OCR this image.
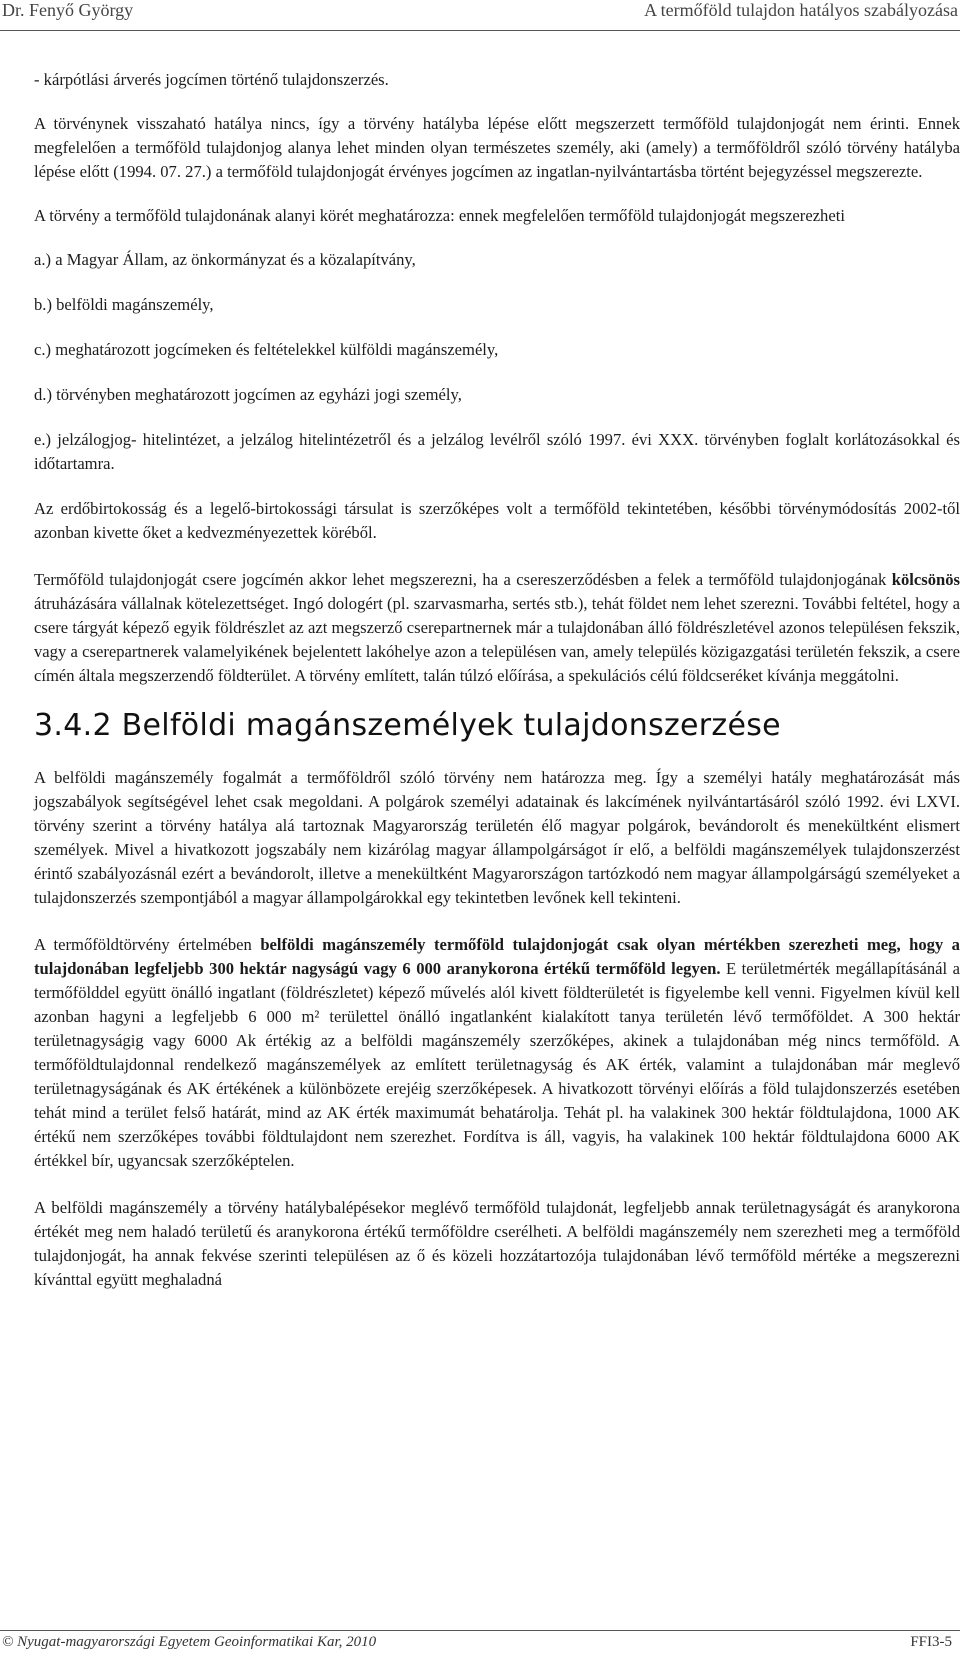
Dr. Fenyő György	A termőföld tulajdon hatályos szabályozása

- kárpótlási árverés jogcímen történő tulajdonszerzés.

A törvénynek visszaható hatálya nincs, így a törvény hatályba lépése előtt megszerzett termőföld tulajdonjogát nem érinti. Ennek megfelelően a termőföld tulajdonjog alanya lehet minden olyan természetes személy, aki (amely) a termőföldről szóló törvény hatályba lépése előtt (1994. 07. 27.) a termőföld tulajdonjogát érvényes jogcímen az ingatlan-nyilvántartásba történt bejegyzéssel megszerezte.

A törvény a termőföld tulajdonának alanyi körét meghatározza: ennek megfelelően termőföld tulajdonjogát megszerezheti

a.) a Magyar Állam, az önkormányzat és a közalapítvány,

b.) belföldi magánszemély,

c.) meghatározott jogcímeken és feltételekkel külföldi magánszemély,

d.) törvényben meghatározott jogcímen az egyházi jogi személy,

e.) jelzálogjog- hitelintézet, a jelzálog hitelintézetről és a jelzálog levélről szóló 1997. évi XXX. törvényben foglalt korlátozásokkal és időtartamra.

Az erdőbirtokosság és a legelő-birtokossági társulat is szerzőképes volt a termőföld tekintetében, későbbi törvénymódosítás 2002-től azonban kivette őket a kedvezményezettek köréből.

Termőföld tulajdonjogát csere jogcímén akkor lehet megszerezni, ha a csereszerződésben a felek a termőföld tulajdonjogának kölcsönös átruházására vállalnak kötelezettséget. Ingó dologért (pl. szarvasmarha, sertés stb.), tehát földet nem lehet szerezni. További feltétel, hogy a csere tárgyát képező egyik földrészlet az azt megszerző cserepartnernek már a tulajdonában álló földrészletével azonos településen fekszik, vagy a cserepartnerek valamelyikének bejelentett lakóhelye azon a településen van, amely település közigazgatási területén fekszik, a csere címén általa megszerzendő földterület. A törvény említett, talán túlzó előírása, a spekulációs célú földcseréket kívánja meggátolni.

3.4.2 Belföldi magánszemélyek tulajdonszerzése

A belföldi magánszemély fogalmát a termőföldről szóló törvény nem határozza meg. Így a személyi hatály meghatározását más jogszabályok segítségével lehet csak megoldani. A polgárok személyi adatainak és lakcímének nyilvántartásáról szóló 1992. évi LXVI. törvény szerint a törvény hatálya alá tartoznak Magyarország területén élő magyar polgárok, bevándorolt és menekültként elismert személyek. Mivel a hivatkozott jogszabály nem kizárólag magyar állampolgárságot ír elő, a belföldi magánszemélyek tulajdonszerzést érintő szabályozásnál ezért a bevándorolt, illetve a menekültként Magyarországon tartózkodó nem magyar állampolgárságú személyeket a tulajdonszerzés szempontjából a magyar állampolgárokkal egy tekintetben levőnek kell tekinteni.

A termőföldtörvény értelmében belföldi magánszemély termőföld tulajdonjogát csak olyan mértékben szerezheti meg, hogy a tulajdonában legfeljebb 300 hektár nagyságú vagy 6 000 aranykorona értékű termőföld legyen. E területmérték megállapításánál a termőfölddel együtt önálló ingatlant (földrészletet) képező művelés alól kivett földterületét is figyelembe kell venni. Figyelmen kívül kell azonban hagyni a legfeljebb 6 000 m² területtel önálló ingatlanként kialakított tanya területén lévő termőföldet. A 300 hektár területnagyságig vagy 6000 Ak értékig az a belföldi magánszemély szerzőképes, akinek a tulajdonában még nincs termőföld. A termőföldtulajdonnal rendelkező magánszemélyek az említett területnagyság és AK érték, valamint a tulajdonában már meglevő területnagyságának és AK értékének a különbözete erejéig szerzőképesek. A hivatkozott törvényi előírás a föld tulajdonszerzés esetében tehát mind a terület felső határát, mind az AK érték maximumát behatárolja. Tehát pl. ha valakinek 300 hektár földtulajdona, 1000 AK értékű nem szerzőképes további földtulajdont nem szerezhet. Fordítva is áll, vagyis, ha valakinek 100 hektár földtulajdona 6000 AK értékkel bír, ugyancsak szerzőképtelen.

A belföldi magánszemély a törvény hatálybalépésekor meglévő termőföld tulajdonát, legfeljebb annak területnagyságát és aranykorona értékét meg nem haladó területű és aranykorona értékű termőföldre cserélheti. A belföldi magánszemély nem szerezheti meg a termőföld tulajdonjogát, ha annak fekvése szerinti településen az ő és közeli hozzátartozója tulajdonában lévő termőföld mértéke a megszerezni kívánttal együtt meghaladná

© Nyugat-magyarországi Egyetem Geoinformatikai Kar, 2010	FFI3-5
